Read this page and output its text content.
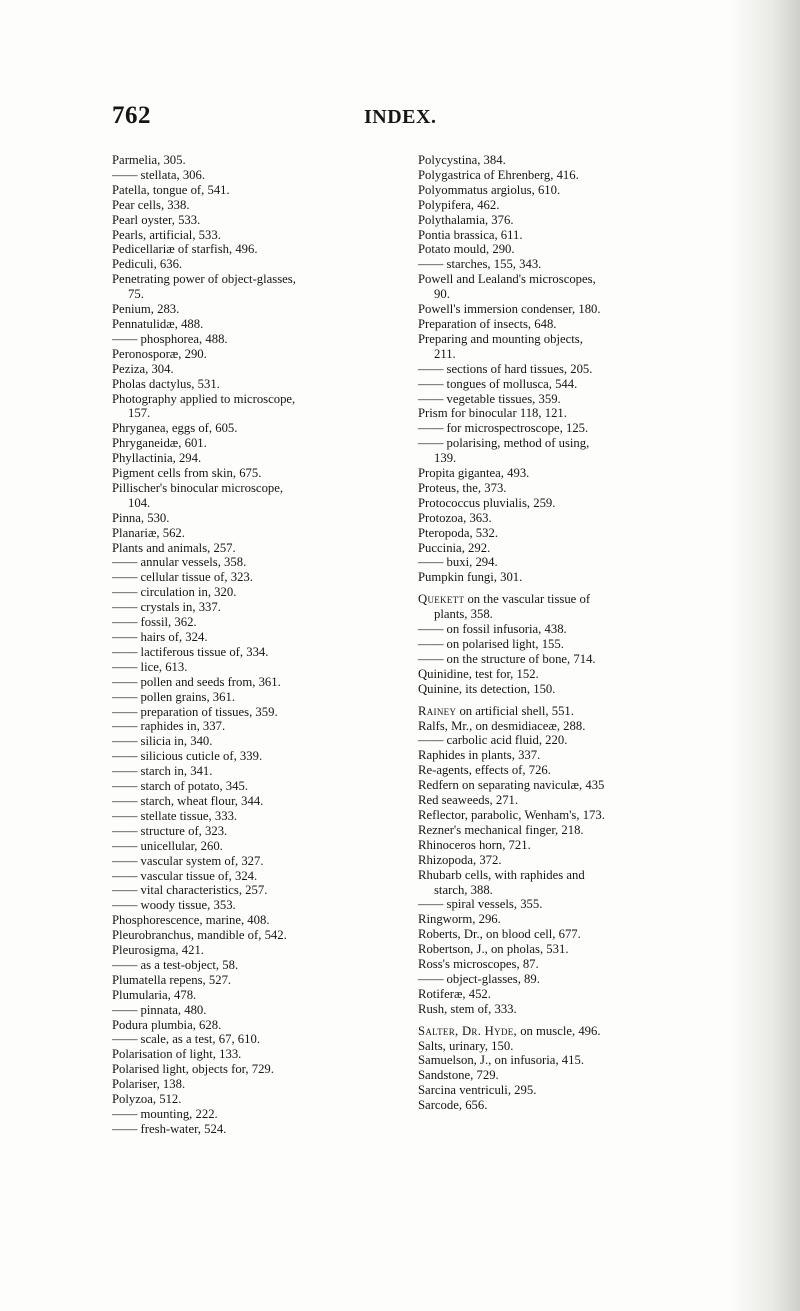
762	INDEX.

Parmelia, 305.

—— stellata, 306.

Patella, tongue of, 541.

Pear cells, 338.

Pearl oyster, 533.

Pearls, artificial, 533.

Pedicellariæ of starfish, 496.

Pediculi, 636.

Penetrating power of object-glasses,

75.

Penium, 283.

Pennatulidæ, 488.

—— phosphorea, 488.

Peronosporæ, 290.

Peziza, 304.

Pholas dactylus, 531.

Photography applied to microscope,

157.

Phryganea, eggs of, 605.

Phryganeidæ, 601.

Phyllactinia, 294.

Pigment cells from skin, 675.

Pillischer's binocular microscope,

104.

Pinna, 530.

Planariæ, 562.

Plants and animals, 257.

—— annular vessels, 358.

—— cellular tissue of, 323.

—— circulation in, 320.

—— crystals in, 337.

—— fossil, 362.

—— hairs of, 324.

—— lactiferous tissue of, 334.

—— lice, 613.

—— pollen and seeds from, 361.

—— pollen grains, 361.

—— preparation of tissues, 359.

—— raphides in, 337.

—— silicia in, 340.

—— silicious cuticle of, 339.

—— starch in, 341.

—— starch of potato, 345.

—— starch, wheat flour, 344.

—— stellate tissue, 333.

—— structure of, 323.

—— unicellular, 260.

—— vascular system of, 327.

—— vascular tissue of, 324.

—— vital characteristics, 257.

—— woody tissue, 353.

Phosphorescence, marine, 408.

Pleurobranchus, mandible of, 542.

Pleurosigma, 421.

—— as a test-object, 58.

Plumatella repens, 527.

Plumularia, 478.

—— pinnata, 480.

Podura plumbia, 628.

—— scale, as a test, 67, 610.

Polarisation of light, 133.

Polarised light, objects for, 729.

Polariser, 138.

Polyzoa, 512.

—— mounting, 222.

—— fresh-water, 524.

Polycystina, 384.

Polygastrica of Ehrenberg, 416.

Polyommatus argiolus, 610.

Polypifera, 462.

Polythalamia, 376.

Pontia brassica, 611.

Potato mould, 290.

—— starches, 155, 343.

Powell and Lealand's microscopes,

90.

Powell's immersion condenser, 180.

Preparation of insects, 648.

Preparing and mounting objects,

211.

—— sections of hard tissues, 205.

—— tongues of mollusca, 544.

—— vegetable tissues, 359.

Prism for binocular 118, 121.

—— for microspectroscope, 125.

—— polarising, method of using,

139.

Propita gigantea, 493.

Proteus, the, 373.

Protococcus pluvialis, 259.

Protozoa, 363.

Pteropoda, 532.

Puccinia, 292.

—— buxi, 294.

Pumpkin fungi, 301.

Quekett on the vascular tissue of

plants, 358.

—— on fossil infusoria, 438.

—— on polarised light, 155.

—— on the structure of bone, 714.

Quinidine, test for, 152.

Quinine, its detection, 150.

Rainey on artificial shell, 551.

Ralfs, Mr., on desmidiaceæ, 288.

—— carbolic acid fluid, 220.

Raphides in plants, 337.

Re-agents, effects of, 726.

Redfern on separating naviculæ, 435

Red seaweeds, 271.

Reflector, parabolic, Wenham's, 173.

Rezner's mechanical finger, 218.

Rhinoceros horn, 721.

Rhizopoda, 372.

Rhubarb cells, with raphides and

starch, 388.

—— spiral vessels, 355.

Ringworm, 296.

Roberts, Dr., on blood cell, 677.

Robertson, J., on pholas, 531.

Ross's microscopes, 87.

—— object-glasses, 89.

Rotiferæ, 452.

Rush, stem of, 333.

Salter, Dr. Hyde, on muscle, 496.

Salts, urinary, 150.

Samuelson, J., on infusoria, 415.

Sandstone, 729.

Sarcina ventriculi, 295.

Sarcode, 656.
